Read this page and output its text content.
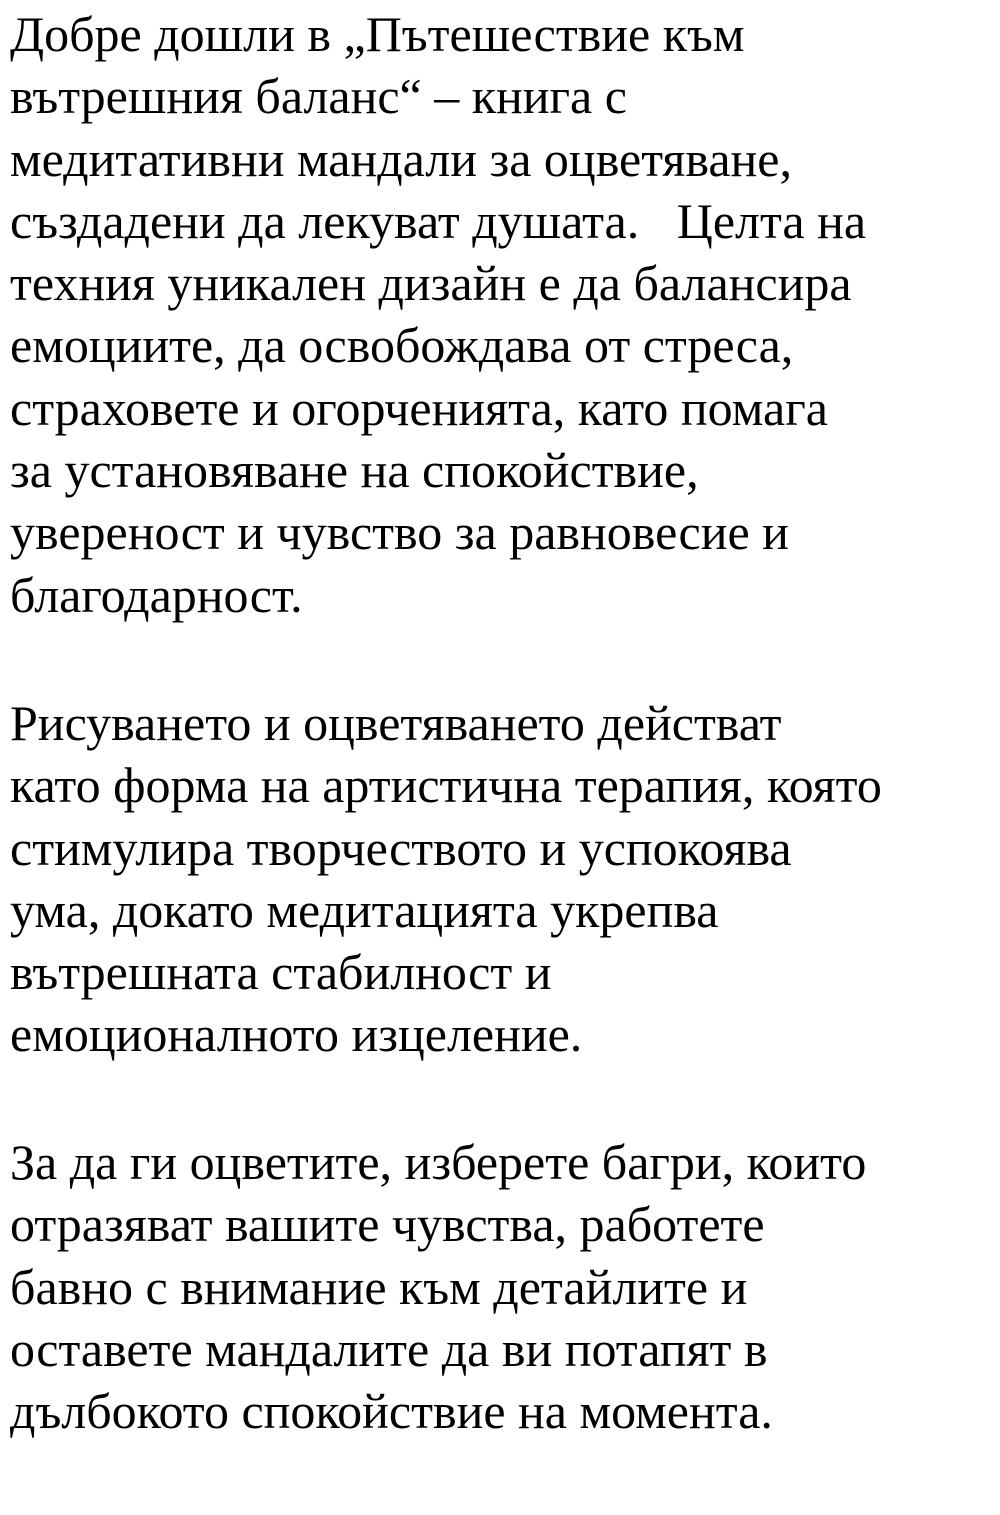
Добре дошли в „Пътешествие към
вътрешния баланс“ – книга с
медитативни мандали за оцветяване,
създадени да лекуват душата.   Целта на
техния уникален дизайн е да балансира
емоциите, да освобождава от стреса,
страховете и огорченията, като помага
за установяване на спокойствие,
увереност и чувство за равновесие и
благодарност.

Рисуването и оцветяването действат
като форма на артистична терапия, която
стимулира творчеството и успокоява
ума, докато медитацията укрепва
вътрешната стабилност и
емоционалното изцеление.

За да ги оцветите, изберете багри, които
отразяват вашите чувства, работете
бавно с внимание към детайлите и
оставете мандалите да ви потапят в
дълбокото спокойствие на момента.
